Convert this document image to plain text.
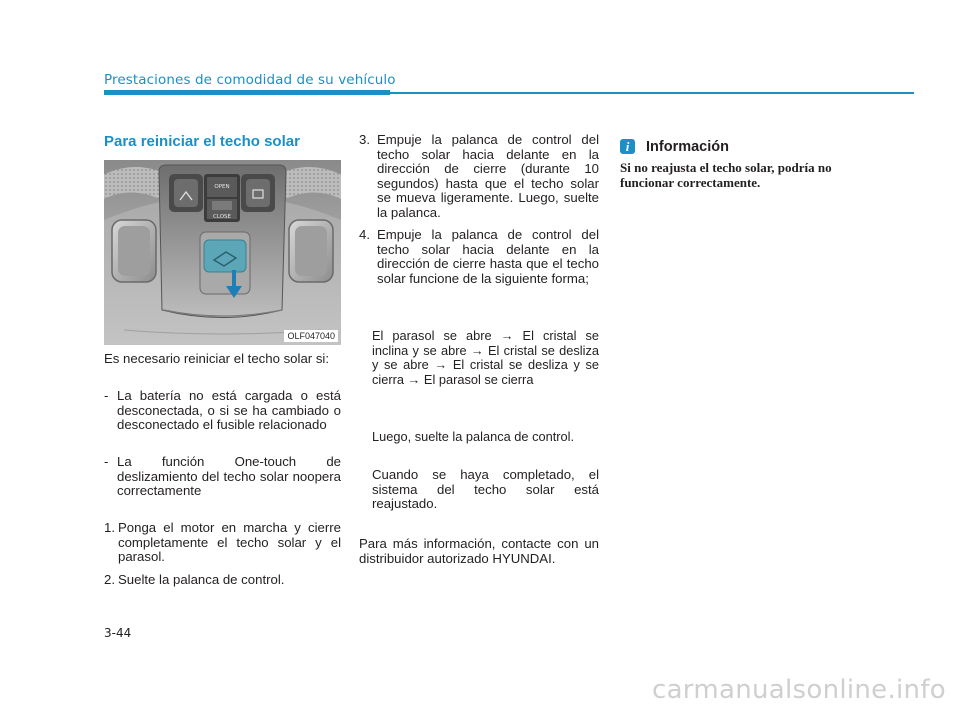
Prestaciones de comodidad de su vehículo
Para reiniciar el techo solar
OPEN
CLOSE
OLF047040

Es necesario reiniciar el techo solar si:

- La batería no está cargada o está desconectada, o si se ha cambiado o desconectado el fusible relacionado
- La función One-touch de deslizamiento del techo solar noopera correctamente
1. Ponga el motor en marcha y cierre completamente el techo solar y el parasol.
2. Suelte la palanca de control.
3. Empuje la palanca de control del techo solar hacia delante en la dirección de cierre (durante 10 segundos) hasta que el techo solar se mueva ligeramente. Luego, suelte la palanca.
4. Empuje la palanca de control del techo solar hacia delante en la dirección de cierre hasta que el techo solar funcione de la siguiente forma;

El parasol se abre → El cristal se inclina y se abre → El cristal se desliza y se abre → El cristal se desliza y se cierra → El parasol se cierra

Luego, suelte la palanca de control.

Cuando se haya completado, el sistema del techo solar está reajustado.

Para más información, contacte con un distribuidor autorizado HYUNDAI.

i	Información
Si no reajusta el techo solar, podría no funcionar correctamente.
3-44
carmanualsonline.info
